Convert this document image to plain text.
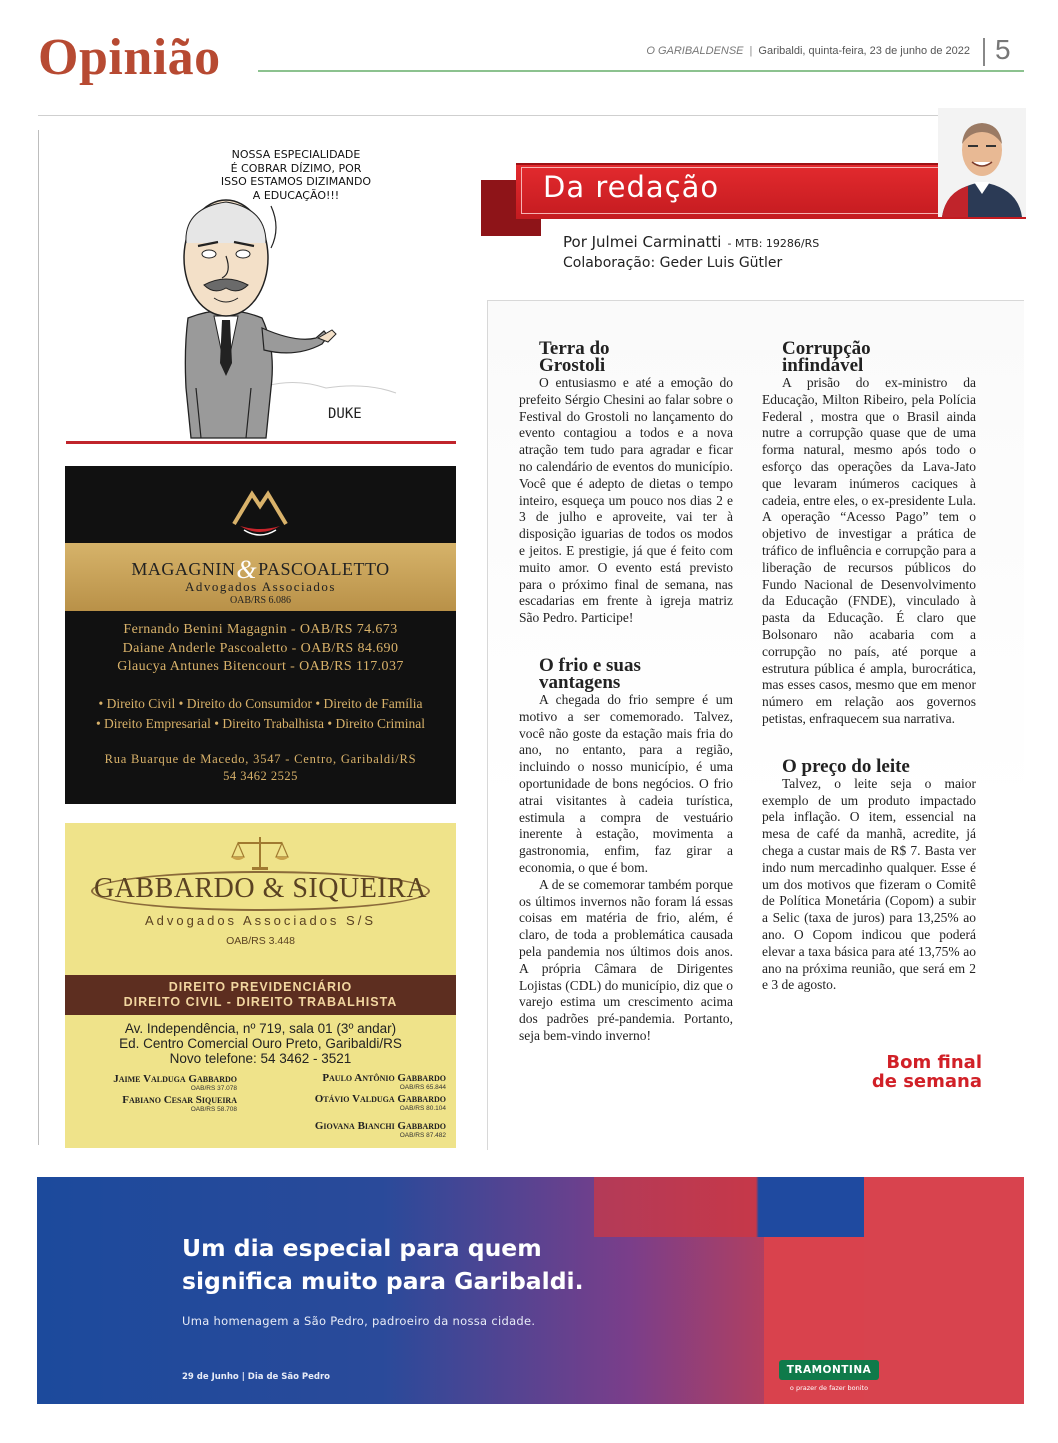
Opinião	O GARIBALDENSE | Garibaldi, quinta-feira, 23 de junho de 2022 5
DUKE
NOSSA ESPECIALIDADE
É COBRAR DÍZIMO, POR
ISSO ESTAMOS DIZIMANDO
A EDUCAÇÃO!!!
MAGAGNIN&PASCOALETTO
Advogados Associados
OAB/RS 6.086
Fernando Benini Magagnin - OAB/RS 74.673
Daiane Anderle Pascoaletto - OAB/RS 84.690
Glaucya Antunes Bitencourt - OAB/RS 117.037
• Direito Civil • Direito do Consumidor • Direito de Família
• Direito Empresarial • Direito Trabalhista • Direito Criminal
Rua Buarque de Macedo, 3547 - Centro, Garibaldi/RS
54 3462 2525
GABBARDO & SIQUEIRA
Advogados Associados S/S
OAB/RS 3.448
DIREITO PREVIDENCIÁRIO
DIREITO CIVIL - DIREITO TRABALHISTA
Av. Independência, nº 719, sala 01 (3º andar)
Ed. Centro Comercial Ouro Preto, Garibaldi/RS
Novo telefone: 54 3462 - 3521
Jaime Valduga Gabbardo
OAB/RS 37.078
Paulo Antônio Gabbardo
OAB/RS 65.844
Fabiano Cesar Siqueira
OAB/RS 58.708
Otávio Valduga Gabbardo
OAB/RS 80.104
Giovana Bianchi Gabbardo
OAB/RS 87.482
Da redação
Por Julmei Carminatti - MTB: 19286/RS
Colaboração: Geder Luis Gütler
Terra do
Grostoli

O entusiasmo e até a emoção do prefeito Sérgio Chesini ao falar sobre o Festival do Grostoli no lançamento do evento contagiou a todos e a nova atração tem tudo para agradar e ficar no calendário de eventos do município. Você que é adepto de dietas o tempo inteiro, esqueça um pouco nos dias 2 e 3 de julho e aproveite, vai ter à disposição iguarias de todos os modos e jeitos. E prestigie, já que é feito com muito amor. O evento está previsto para o próximo final de semana, nas escadarias em frente à igreja matriz São Pedro. Participe!

O frio e suas
vantagens

A chegada do frio sempre é um motivo a ser comemorado. Talvez, você não goste da estação mais fria do ano, no entanto, para a região, incluindo o nosso município, é uma oportunidade de bons negócios. O frio atrai visitantes à cadeia turística, estimula a compra de vestuário inerente à estação, movimenta a gastronomia, enfim, faz girar a economia, o que é bom.

A de se comemorar também porque os últimos invernos não foram lá essas coisas em matéria de frio, além, é claro, de toda a problemática causada pela pandemia nos últimos dois anos. A própria Câmara de Dirigentes Lojistas (CDL) do município, diz que o varejo estima um crescimento acima dos padrões pré-pandemia. Portanto, seja bem-vindo inverno!

Corrupção
infindável

A prisão do ex-ministro da Educação, Milton Ribeiro, pela Polícia Federal , mostra que o Brasil ainda nutre a corrupção quase que de uma forma natural, mesmo após todo o esforço das operações da Lava-Jato que levaram inúmeros caciques à cadeia, entre eles, o ex-presidente Lula. A operação “Acesso Pago” tem o objetivo de investigar a prática de tráfico de influência e corrupção para a liberação de recursos públicos do Fundo Nacional de Desenvolvimento da Educação (FNDE), vinculado à pasta da Educação. É claro que Bolsonaro não acabaria com a corrupção no país, até porque a estrutura pública é ampla, burocrática, mas esses casos, mesmo que em menor número em relação aos governos petistas, enfraquecem sua narrativa.

O preço do leite

Talvez, o leite seja o maior exemplo de um produto impactado pela inflação. O item, essencial na mesa de café da manhã, acredite, já chega a custar mais de R$ 7. Basta ver indo num mercadinho qualquer. Esse é um dos motivos que fizeram o Comitê de Política Monetária (Copom) a subir a Selic (taxa de juros) para 13,25% ao ano. O Copom indicou que poderá elevar a taxa básica para até 13,75% ao ano na próxima reunião, que será em 2 e 3 de agosto.

Bom final
de semana
Um dia especial para quem
significa muito para Garibaldi.
Uma homenagem a São Pedro, padroeiro da nossa cidade.
29 de Junho | Dia de São Pedro
TRAMONTINA
o prazer de fazer bonito
